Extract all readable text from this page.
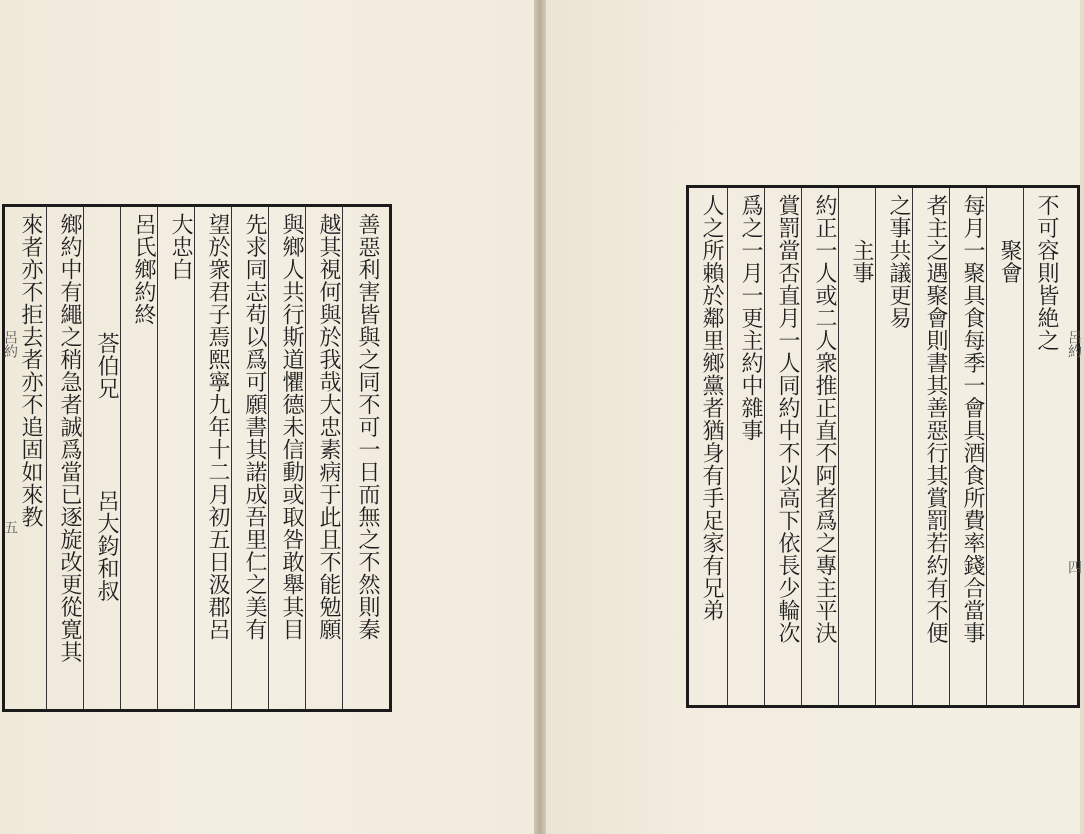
善惡利害皆與之同不可一日而無之不然則秦
越其視何與於我哉大忠素病于此且不能勉願
與鄉人共行斯道懼德未信動或取咎敢舉其目
先求同志苟以爲可願書其諾成吾里仁之美有
望於衆君子焉熙寧九年十二月初五日汲郡呂
大忠白
呂氏鄉約終
　　荅伯兄　　　　呂大鈞和叔
鄉約中有繩之稍急者誠爲當已逐旋改更從寛其
來者亦不拒去者亦不追固如來教
呂約
五
不可容則皆絶之
　　聚會
每月一聚具食每季一會具酒食所費率錢合當事
者主之遇聚會則書其善惡行其賞罰若約有不便
之事共議更易
　　主事
約正一人或二人衆推正直不阿者爲之專主平決
賞罰當否直月一人同約中不以高下依長少輪次
爲之一月一更主約中雜事
人之所賴於鄰里鄉黨者猶身有手足家有兄弟	呂約
四
